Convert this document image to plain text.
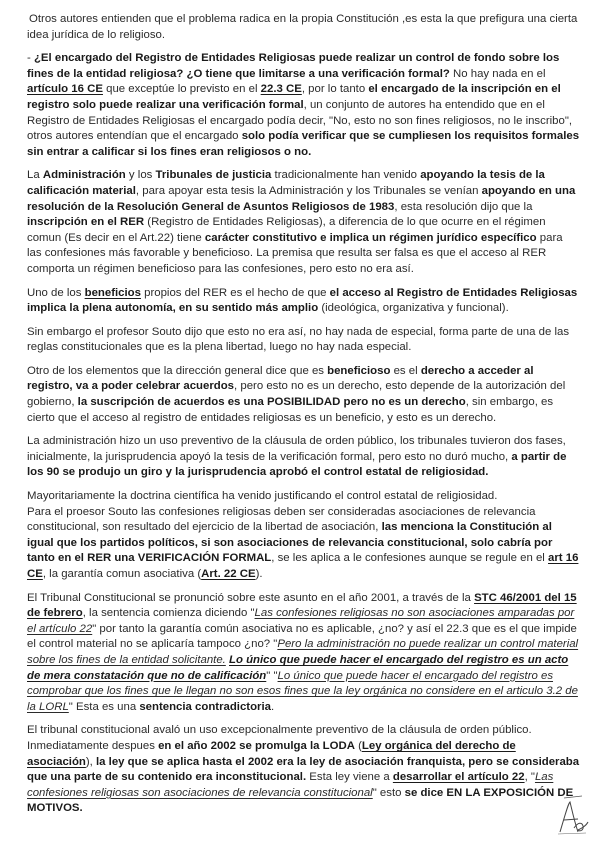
Otros autores entienden que el problema radica en la propia Constitución ,es esta la que prefigura una cierta idea jurídica de lo religioso.

- ¿El encargado del Registro de Entidades Religiosas puede realizar un control de fondo sobre los fines de la entidad religiosa? ¿O tiene que limitarse a una verificación formal? No hay nada en el artículo 16 CE que exceptúe lo previsto en el 22.3 CE, por lo tanto el encargado de la inscripción en el registro solo puede realizar una verificación formal, un conjunto de autores ha entendido que en el Registro de Entidades Religiosas el encargado podía decir, "No, esto no son fines religiosos, no le inscribo", otros autores entendían que el encargado solo podía verificar que se cumpliesen los requisitos formales sin entrar a calificar si los fines eran religiosos o no.

La Administración y los Tribunales de justicia tradicionalmente han venido apoyando la tesis de la calificación material, para apoyar esta tesis la Administración y los Tribunales se venían apoyando en una resolución de la Resolución General de Asuntos Religiosos de 1983, esta resolución dijo que la inscripción en el RER (Registro de Entidades Religiosas), a diferencia de lo que ocurre en el régimen comun (Es decir en el Art.22) tiene carácter constitutivo e implica un régimen jurídico específico para las confesiones más favorable y beneficioso. La premisa que resulta ser falsa es que el acceso al RER comporta un régimen beneficioso para las confesiones, pero esto no era así.

Uno de los beneficios propios del RER es el hecho de que el acceso al Registro de Entidades Religiosas implica la plena autonomía, en su sentido más amplio (ideológica, organizativa y funcional).

Sin embargo el profesor Souto dijo que esto no era así, no hay nada de especial, forma parte de una de las reglas constitucionales que es la plena libertad, luego no hay nada especial.

Otro de los elementos que la dirección general dice que es beneficioso es el derecho a acceder al registro, va a poder celebrar acuerdos, pero esto no es un derecho, esto depende de la autorización del gobierno, la suscripción de acuerdos es una POSIBILIDAD pero no es un derecho, sin embargo, es cierto que el acceso al registro de entidades religiosas es un beneficio, y esto es un derecho.

La administración hizo un uso preventivo de la cláusula de orden público, los tribunales tuvieron dos fases, inicialmente, la jurisprudencia apoyó la tesis de la verificación formal, pero esto no duró mucho, a partir de los 90 se produjo un giro y la jurisprudencia aprobó el control estatal de religiosidad.

Mayoritariamente la doctrina científica ha venido justificando el control estatal de religiosidad.

Para el proesor Souto las confesiones religiosas deben ser consideradas asociaciones de relevancia constitucional, son resultado del ejercicio de la libertad de asociación, las menciona la Constitución al igual que los partidos políticos, si son asociaciones de relevancia constitucional, solo cabría por tanto en el RER una VERIFICACIÓN FORMAL, se les aplica a le confesiones aunque se regule en el art 16 CE, la garantía comun asociativa (Art. 22 CE).

El Tribunal Constitucional se pronunció sobre este asunto en el año 2001, a través de la STC 46/2001 del 15 de febrero, la sentencia comienza diciendo "Las confesiones religiosas no son asociaciones amparadas por el artículo 22" por tanto la garantía común asociativa no es aplicable, ¿no? y así el 22.3 que es el que impide el control material no se aplicaría tampoco ¿no? "Pero la administración no puede realizar un control material sobre los fines de la entidad solicitante. Lo único que puede hacer el encargado del registro es un acto de mera constatación que no de calificación" "Lo único que puede hacer el encargado del registro es comprobar que los fines que le llegan no son esos fines que la ley orgánica no considere en el articulo 3.2 de la LORL" Esta es una sentencia contradictoria.

El tribunal constitucional avaló un uso excepcionalmente preventivo de la cláusula de orden público. Inmediatamente despues en el año 2002 se promulga la LODA (Ley orgánica del derecho de asociación), la ley que se aplica hasta el 2002 era la ley de asociación franquista, pero se consideraba que una parte de su contenido era inconstitucional. Esta ley viene a desarrollar el artículo 22, "Las confesiones religiosas son asociaciones de relevancia constitucional" esto se dice EN LA EXPOSICIÓN DE MOTIVOS.
